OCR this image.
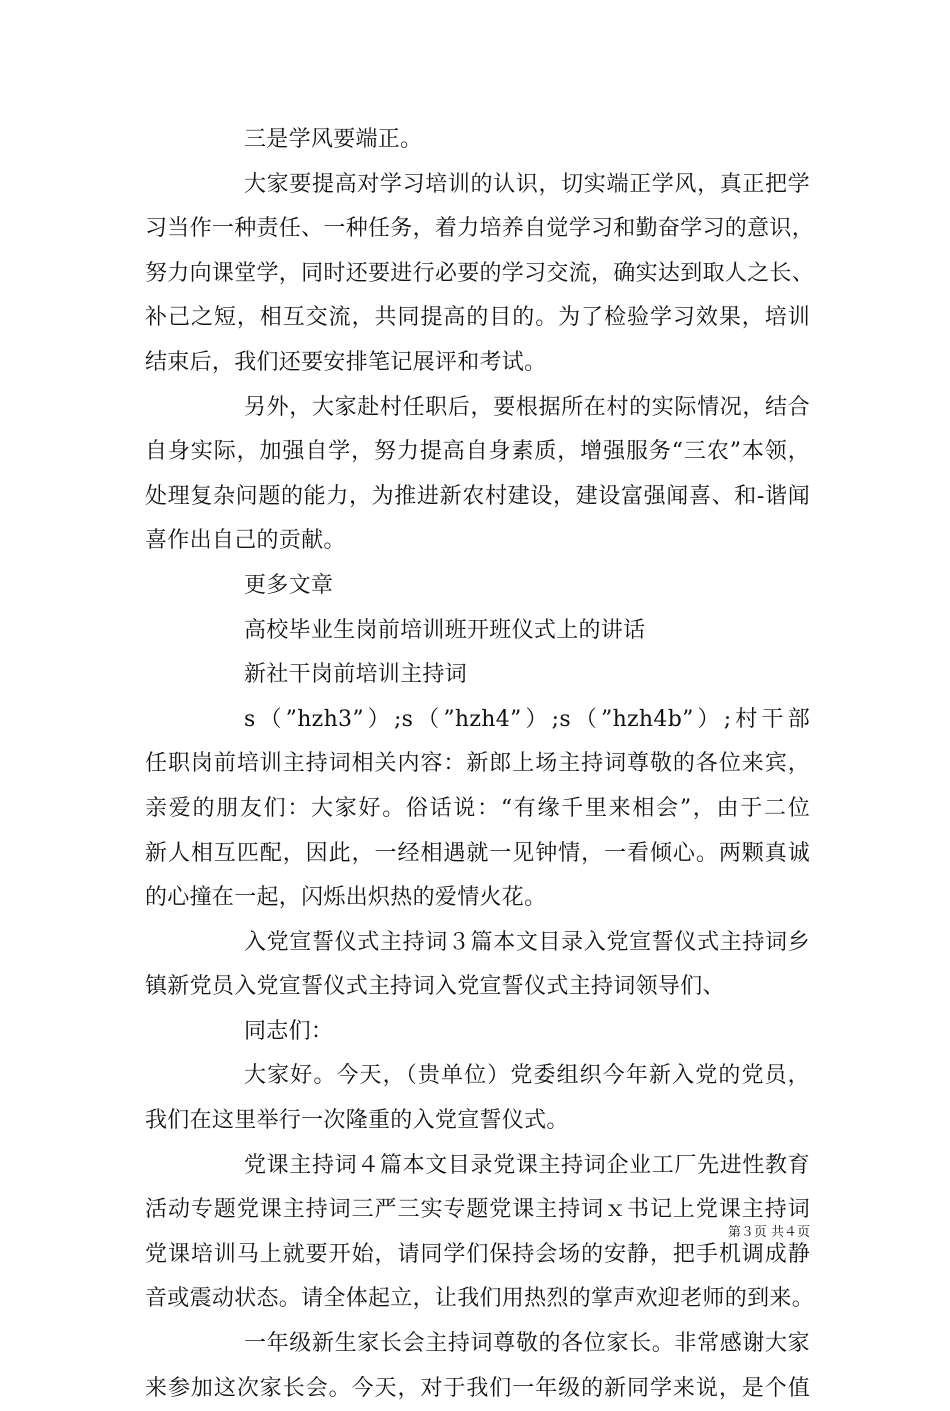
三是学风要端正。
大家要提高对学习培训的认识，切实端正学风，真正把学
习当作一种责任、一种任务，着力培养自觉学习和勤奋学习的意识，
努力向课堂学，同时还要进行必要的学习交流，确实达到取人之长、
补己之短，相互交流，共同提高的目的。为了检验学习效果，培训
结束后，我们还要安排笔记展评和考试。
另外，大家赴村任职后，要根据所在村的实际情况，结合
自身实际，加强自学，努力提高自身素质，增强服务“三农”本领，
处理复杂问题的能力，为推进新农村建设，建设富强闻喜、和-谐闻
喜作出自己的贡献。
更多文章
高校毕业生岗前培训班开班仪式上的讲话
新社干岗前培训主持词
s（”hzh3”）;s（”hzh4”）;s（”hzh4b”）;村干部
任职岗前培训主持词相关内容：新郎上场主持词尊敬的各位来宾，
亲爱的朋友们：大家好。俗话说：“有缘千里来相会”，由于二位
新人相互匹配，因此，一经相遇就一见钟情，一看倾心。两颗真诚
的心撞在一起，闪烁出炽热的爱情火花。
入党宣誓仪式主持词３篇本文目录入党宣誓仪式主持词乡
镇新党员入党宣誓仪式主持词入党宣誓仪式主持词领导们、
同志们：
大家好。今天，（贵单位）党委组织今年新入党的党员，
我们在这里举行一次隆重的入党宣誓仪式。
党课主持词４篇本文目录党课主持词企业工厂先进性教育
活动专题党课主持词三严三实专题党课主持词ｘ书记上党课主持词
党课培训马上就要开始，请同学们保持会场的安静，把手机调成静
音或震动状态。请全体起立，让我们用热烈的掌声欢迎老师的到来。
一年级新生家长会主持词尊敬的各位家长。非常感谢大家
来参加这次家长会。今天，对于我们一年级的新同学来说，是个值
第３页 共４页
